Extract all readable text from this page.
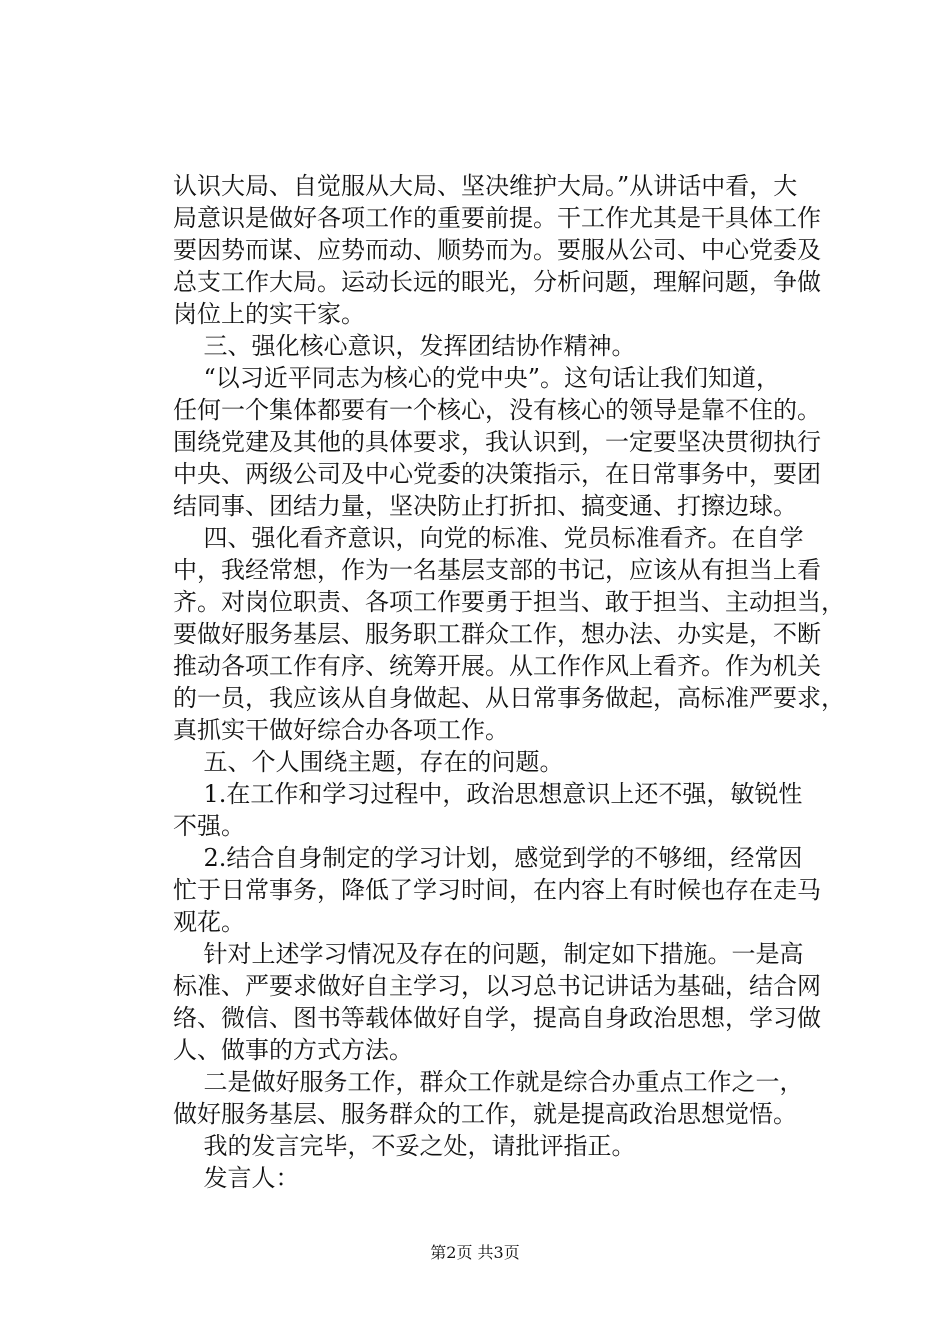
认识大局、自觉服从大局、坚决维护大局。”从讲话中看，大
局意识是做好各项工作的重要前提。干工作尤其是干具体工作
要因势而谋、应势而动、顺势而为。要服从公司、中心党委及
总支工作大局。运动长远的眼光，分析问题，理解问题，争做
岗位上的实干家。
三、强化核心意识，发挥团结协作精神。
“以习近平同志为核心的党中央”。这句话让我们知道，
任何一个集体都要有一个核心，没有核心的领导是靠不住的。
围绕党建及其他的具体要求，我认识到，一定要坚决贯彻执行
中央、两级公司及中心党委的决策指示，在日常事务中，要团
结同事、团结力量，坚决防止打折扣、搞变通、打擦边球。
四、强化看齐意识，向党的标准、党员标准看齐。在自学
中，我经常想，作为一名基层支部的书记，应该从有担当上看
齐。对岗位职责、各项工作要勇于担当、敢于担当、主动担当，
要做好服务基层、服务职工群众工作，想办法、办实是，不断
推动各项工作有序、统筹开展。从工作作风上看齐。作为机关
的一员，我应该从自身做起、从日常事务做起，高标准严要求，
真抓实干做好综合办各项工作。
五、个人围绕主题，存在的问题。
1.在工作和学习过程中，政治思想意识上还不强，敏锐性
不强。
2.结合自身制定的学习计划，感觉到学的不够细，经常因
忙于日常事务，降低了学习时间，在内容上有时候也存在走马
观花。
针对上述学习情况及存在的问题，制定如下措施。一是高
标准、严要求做好自主学习，以习总书记讲话为基础，结合网
络、微信、图书等载体做好自学，提高自身政治思想，学习做
人、做事的方式方法。
二是做好服务工作，群众工作就是综合办重点工作之一，
做好服务基层、服务群众的工作，就是提高政治思想觉悟。
我的发言完毕，不妥之处，请批评指正。
发言人：
第2页 共3页
